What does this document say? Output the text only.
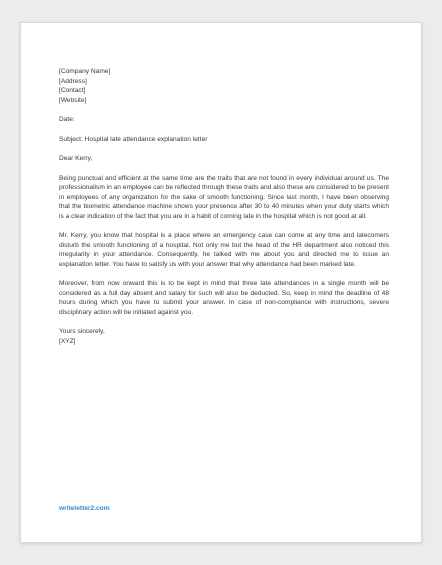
[Company Name]
[Address]
[Contact]
[Website]
Date:
Subject: Hospital late attendance explanation letter
Dear Kerry,

Being punctual and efficient at the same time are the traits that are not found in every individual around us. The professionalism in an employee can be reflected through these traits and also these are considered to be present in employees of any organization for the sake of smooth functioning. Since last month, I have been observing that the biometric attendance machine shows your presence after 30 to 40 minutes when your duty starts which is a clear indication of the fact that you are in a habit of coming late in the hospital which is not good at all.

Mr. Kerry, you know that hospital is a place where an emergency case can come at any time and latecomers disturb the smooth functioning of a hospital. Not only me but the head of the HR department also noticed this irregularity in your attendance. Consequently, he talked with me about you and directed me to issue an explanation letter. You have to satisfy us with your answer that why attendance had been marked late.

Moreover, from now onward this is to be kept in mind that three late attendances in a single month will be considered as a full day absent and salary for such will also be deducted. So, keep in mind the deadline of 48 hours during which you have to submit your answer. In case of non-compliance with instructions, severe disciplinary action will be initiated against you.

Yours sincerely,
[XYZ]
writeletter2.com
